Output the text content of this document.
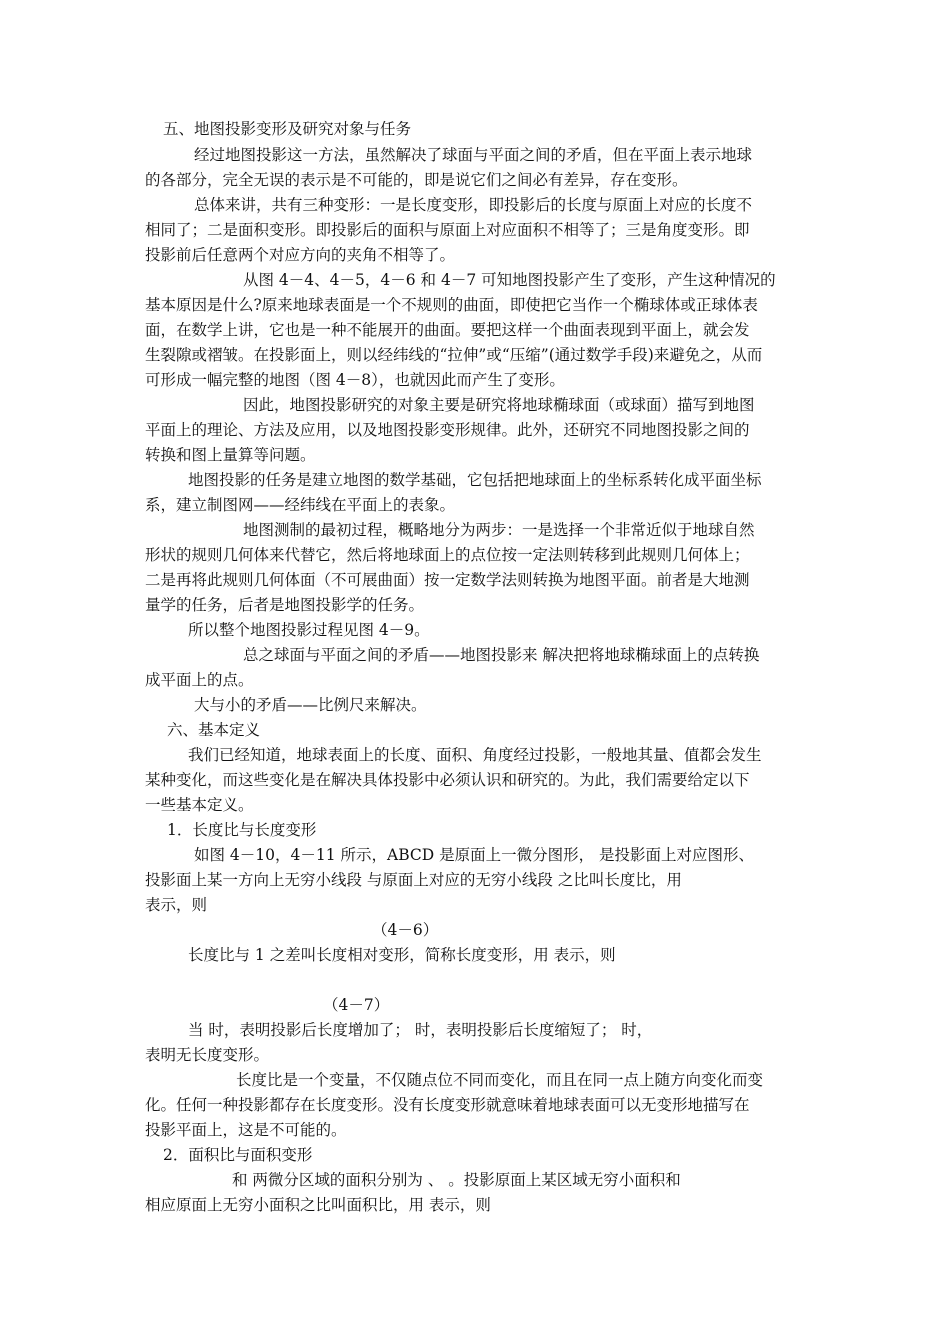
五、地图投影变形及研究对象与任务
经过地图投影这一方法，虽然解决了球面与平面之间的矛盾，但在平面上表示地球
的各部分，完全无误的表示是不可能的，即是说它们之间必有差异，存在变形。
总体来讲，共有三种变形：一是长度变形，即投影后的长度与原面上对应的长度不
相同了；二是面积变形。即投影后的面积与原面上对应面积不相等了；三是角度变形。即
投影前后任意两个对应方向的夹角不相等了。
从图 4－4、4－5，4－6 和 4－7 可知地图投影产生了变形，产生这种情况的
基本原因是什么?原来地球表面是一个不规则的曲面，即使把它当作一个椭球体或正球体表
面，在数学上讲，它也是一种不能展开的曲面。要把这样一个曲面表现到平面上，就会发
生裂隙或褶皱。在投影面上，则以经纬线的“拉伸”或“压缩”(通过数学手段)来避免之，从而
可形成一幅完整的地图（图 4－8），也就因此而产生了变形。
因此，地图投影研究的对象主要是研究将地球椭球面（或球面）描写到地图
平面上的理论、方法及应用，以及地图投影变形规律。此外，还研究不同地图投影之间的
转换和图上量算等问题。
地图投影的任务是建立地图的数学基础，它包括把地球面上的坐标系转化成平面坐标
系，建立制图网——经纬线在平面上的表象。
地图测制的最初过程，概略地分为两步：一是选择一个非常近似于地球自然
形状的规则几何体来代替它，然后将地球面上的点位按一定法则转移到此规则几何体上；
二是再将此规则几何体面（不可展曲面）按一定数学法则转换为地图平面。前者是大地测
量学的任务，后者是地图投影学的任务。
所以整个地图投影过程见图 4－9。
总之球面与平面之间的矛盾——地图投影来 解决把将地球椭球面上的点转换
成平面上的点。
大与小的矛盾——比例尺来解决。
六、基本定义
我们已经知道，地球表面上的长度、面积、角度经过投影，一般地其量、值都会发生
某种变化，而这些变化是在解决具体投影中必须认识和研究的。为此，我们需要给定以下
一些基本定义。
1．长度比与长度变形
如图 4－10，4－11 所示，ABCD 是原面上一微分图形， 是投影面上对应图形、
投影面上某一方向上无穷小线段 与原面上对应的无穷小线段 之比叫长度比，用
表示，则
（4－6）
长度比与 1 之差叫长度相对变形，简称长度变形，用 表示，则
（4－7）
当 时，表明投影后长度增加了； 时，表明投影后长度缩短了； 时，
表明无长度变形。
长度比是一个变量，不仅随点位不同而变化，而且在同一点上随方向变化而变
化。任何一种投影都存在长度变形。没有长度变形就意味着地球表面可以无变形地描写在
投影平面上，这是不可能的。
2．面积比与面积变形
和 两微分区域的面积分别为 、 。投影原面上某区域无穷小面积和
相应原面上无穷小面积之比叫面积比，用 表示，则
